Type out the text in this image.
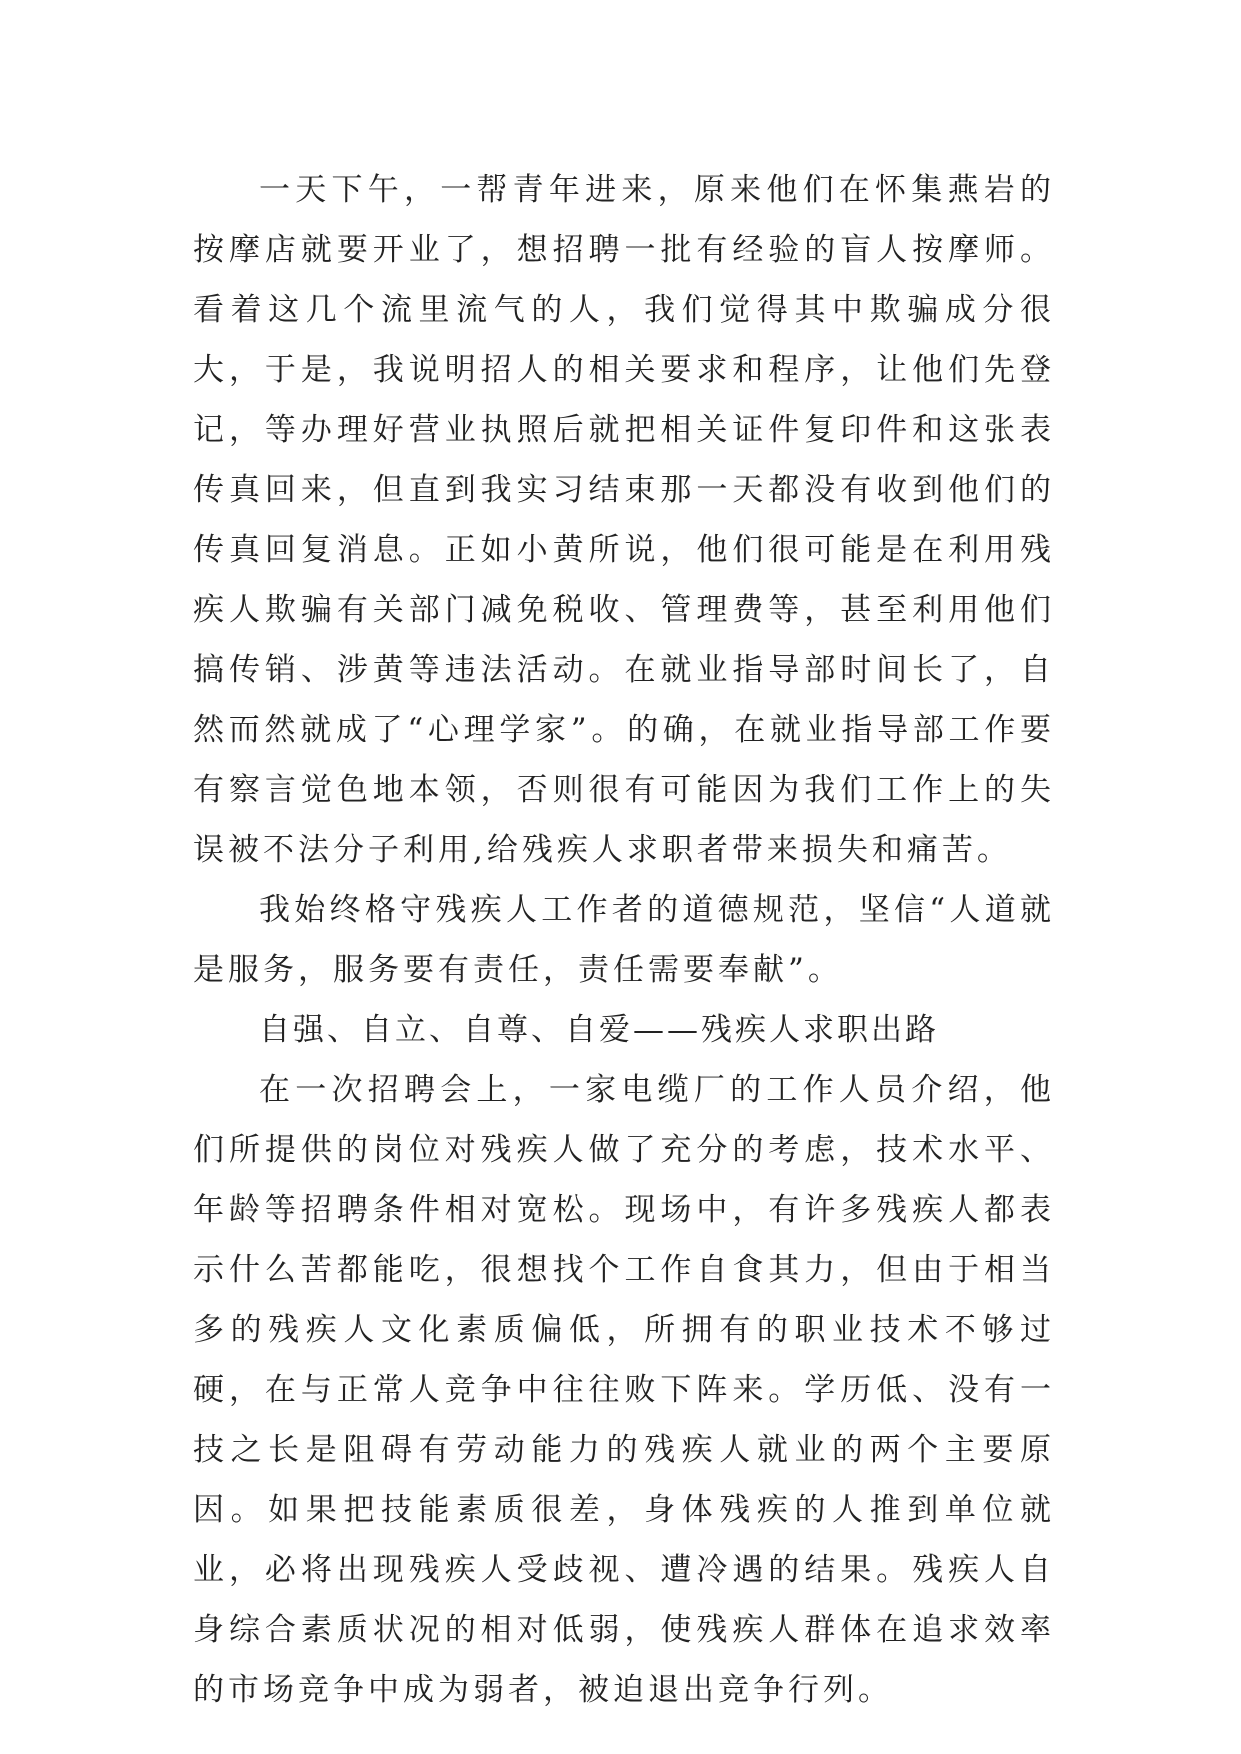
一天下午，一帮青年进来，原来他们在怀集燕岩的按摩店就要开业了，想招聘一批有经验的盲人按摩师。看着这几个流里流气的人，我们觉得其中欺骗成分很大，于是，我说明招人的相关要求和程序，让他们先登记，等办理好营业执照后就把相关证件复印件和这张表传真回来，但直到我实习结束那一天都没有收到他们的传真回复消息。正如小黄所说，他们很可能是在利用残疾人欺骗有关部门减免税收、管理费等，甚至利用他们搞传销、涉黄等违法活动。在就业指导部时间长了，自然而然就成了“心理学家”。的确，在就业指导部工作要有察言觉色地本领，否则很有可能因为我们工作上的失误被不法分子利用,给残疾人求职者带来损失和痛苦。

我始终格守残疾人工作者的道德规范，坚信“人道就是服务，服务要有责任，责任需要奉献”。

自强、自立、自尊、自爱——残疾人求职出路

在一次招聘会上，一家电缆厂的工作人员介绍，他们所提供的岗位对残疾人做了充分的考虑，技术水平、年龄等招聘条件相对宽松。现场中，有许多残疾人都表示什么苦都能吃，很想找个工作自食其力，但由于相当多的残疾人文化素质偏低，所拥有的职业技术不够过硬，在与正常人竞争中往往败下阵来。学历低、没有一技之长是阻碍有劳动能力的残疾人就业的两个主要原因。如果把技能素质很差，身体残疾的人推到单位就业，必将出现残疾人受歧视、遭冷遇的结果。残疾人自身综合素质状况的相对低弱，使残疾人群体在追求效率的市场竞争中成为弱者，被迫退出竞争行列。
